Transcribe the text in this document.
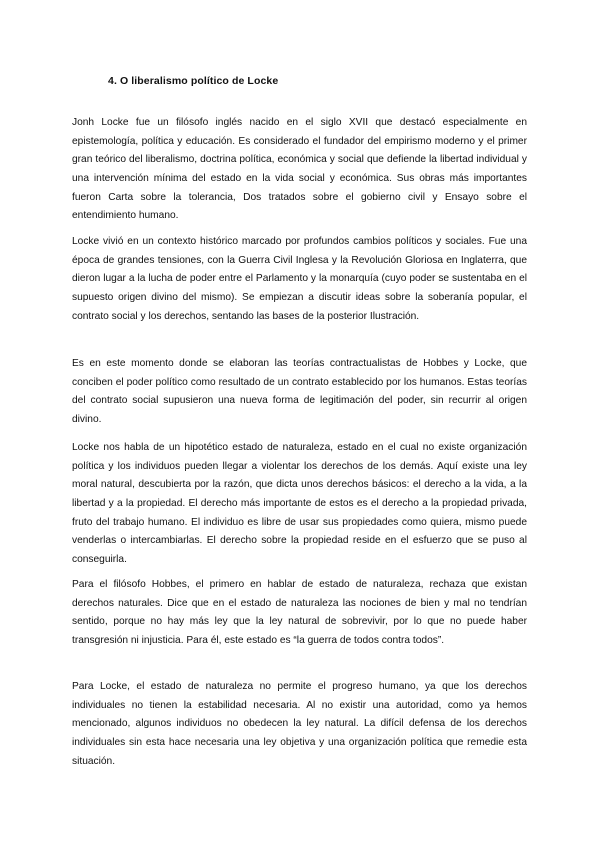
4. O liberalismo político de Locke

Jonh Locke fue un filósofo inglés nacido en el siglo XVII que destacó especialmente en epistemología, política y educación. Es considerado el fundador del empirismo moderno y el primer gran teórico del liberalismo, doctrina política, económica y social que defiende la libertad individual y una intervención mínima del estado en la vida social y económica. Sus obras más importantes fueron Carta sobre la tolerancia, Dos tratados sobre el gobierno civil y Ensayo sobre el entendimiento humano.

Locke vivió en un contexto histórico marcado por profundos cambios políticos y sociales. Fue una época de grandes tensiones, con la Guerra Civil Inglesa y la Revolución Gloriosa en Inglaterra, que dieron lugar a la lucha de poder entre el Parlamento y la monarquía (cuyo poder se sustentaba en el supuesto origen divino del mismo). Se empiezan a discutir ideas sobre la soberanía popular, el contrato social y los derechos, sentando las bases de la posterior Ilustración.

Es en este momento donde se elaboran las teorías contractualistas de Hobbes y Locke, que conciben el poder político como resultado de un contrato establecido por los humanos. Estas teorías del contrato social supusieron una nueva forma de legitimación del poder, sin recurrir al origen divino.

Locke nos habla de un hipotético estado de naturaleza, estado en el cual no existe organización política y los individuos pueden llegar a violentar los derechos de los demás. Aquí existe una ley moral natural, descubierta por la razón, que dicta unos derechos básicos: el derecho a la vida, a la libertad y a la propiedad. El derecho más importante de estos es el derecho a la propiedad privada, fruto del trabajo humano. El individuo es libre de usar sus propiedades como quiera, mismo puede venderlas o intercambiarlas. El derecho sobre la propiedad reside en el esfuerzo que se puso al conseguirla.

Para el filósofo Hobbes, el primero en hablar de estado de naturaleza, rechaza que existan derechos naturales. Dice que en el estado de naturaleza las nociones de bien y mal no tendrían sentido, porque no hay más ley que la ley natural de sobrevivir, por lo que no puede haber transgresión ni injusticia. Para él, este estado es “la guerra de todos contra todos”.

Para Locke, el estado de naturaleza no permite el progreso humano, ya que los derechos individuales no tienen la estabilidad necesaria. Al no existir una autoridad, como ya hemos mencionado, algunos individuos no obedecen la ley natural. La difícil defensa de los derechos individuales sin esta hace necesaria una ley objetiva y una organización política que remedie esta situación.
